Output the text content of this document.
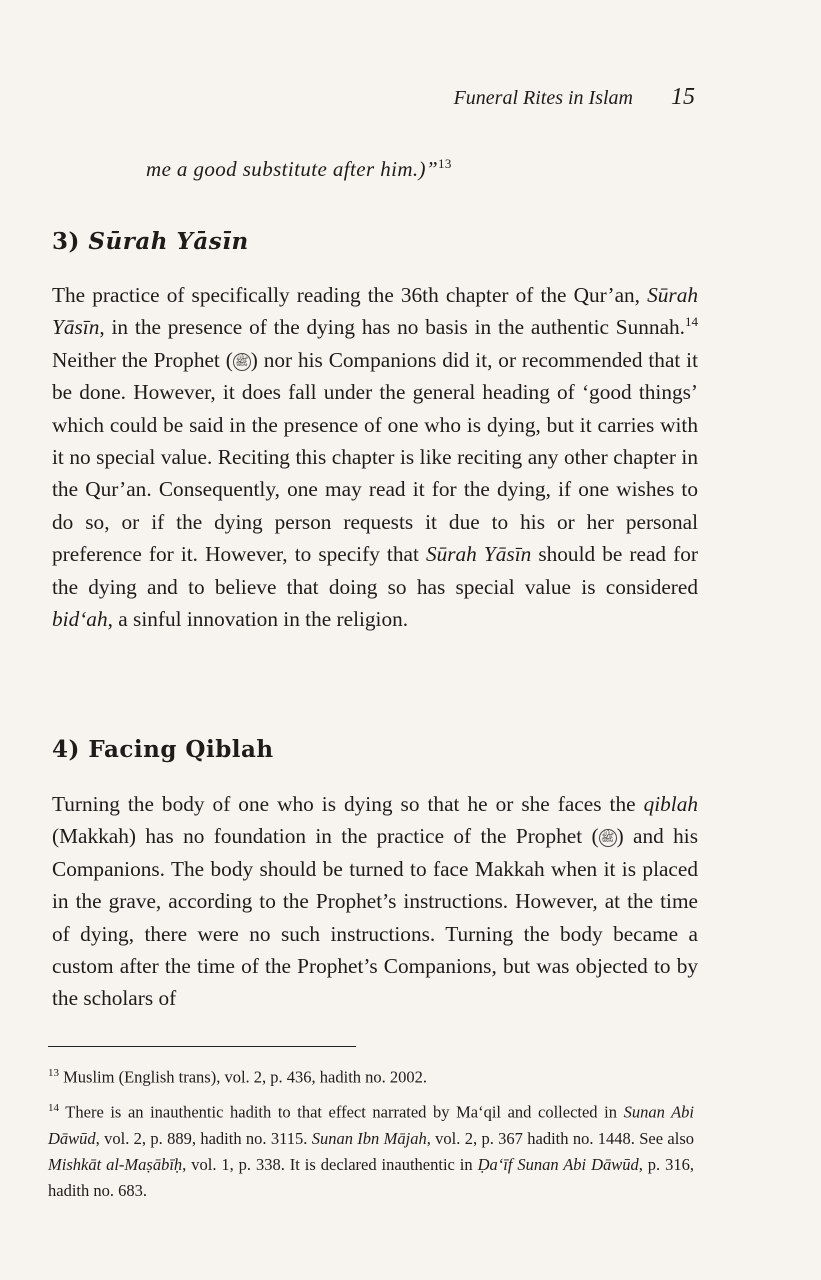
Funeral Rites in Islam 15
me a good substitute after him.)”$^{13}$
3) Sūrah Yāsīn
The practice of specifically reading the 36th chapter of the Qur’an, Sūrah Yāsīn, in the presence of the dying has no basis in the authentic Sunnah.$^{14}$ Neither the Prophet ( ﷺ ) nor his Companions did it, or recommended that it be done. However, it does fall under the general heading of ‘good things’ which could be said in the presence of one who is dying, but it carries with it no special value. Reciting this chapter is like reciting any other chapter in the Qur’an. Consequently, one may read it for the dying, if one wishes to do so, or if the dying person requests it due to his or her personal preference for it. However, to specify that Sūrah Yāsīn should be read for the dying and to believe that doing so has special value is considered bid‘ah, a sinful innovation in the religion.
4) Facing Qiblah
Turning the body of one who is dying so that he or she faces the qiblah (Makkah) has no foundation in the practice of the Prophet ( ﷺ ) and his Companions. The body should be turned to face Makkah when it is placed in the grave, according to the Prophet’s instructions. However, at the time of dying, there were no such instructions. Turning the body became a custom after the time of the Prophet’s Companions, but was objected to by the scholars of
$^{13}$ Muslim (English trans), vol. 2, p. 436, hadith no. 2002.
$^{14}$ There is an inauthentic hadith to that effect narrated by Ma‘qil and collected in Sunan Abi Dāwūd, vol. 2, p. 889, hadith no. 3115. Sunan Ibn Mājah, vol. 2, p. 367 hadith no. 1448. See also Mishkāt al-Maṣābīḥ, vol. 1, p. 338. It is declared inauthentic in Ḍa‘īf Sunan Abi Dāwūd, p. 316, hadith no. 683.
